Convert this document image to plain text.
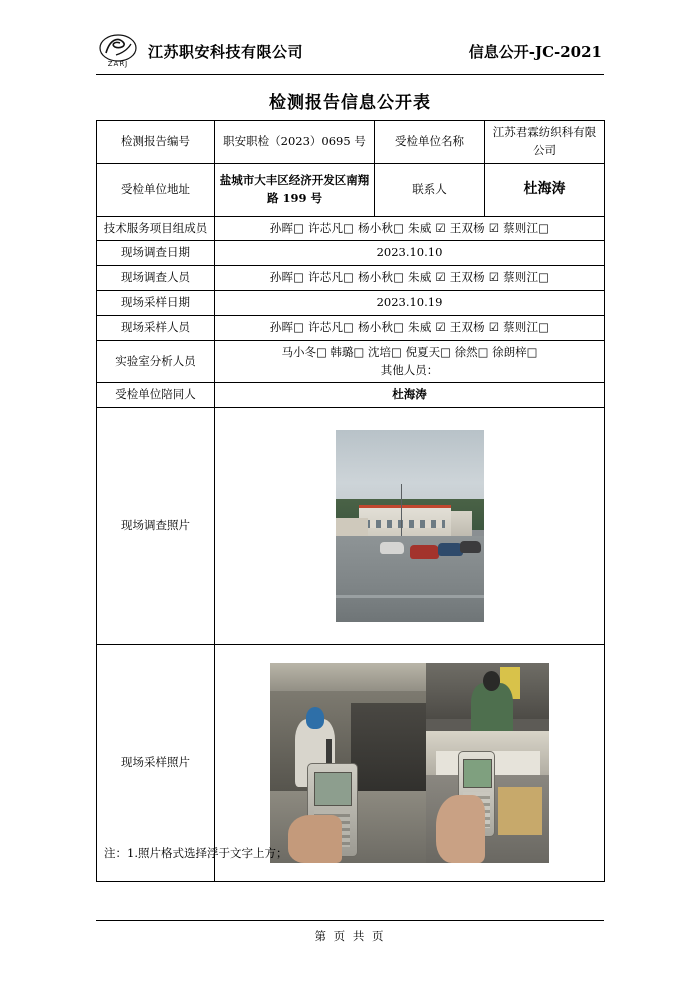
ZARJ
江苏职安科技有限公司	信息公开-JC-2021
检测报告信息公开表
检测报告编号	职安职检（2023）0695 号	受检单位名称	江苏君霖纺织科有限公司
受检单位地址	盐城市大丰区经济开发区南翔路 199 号	联系人	杜海涛
技术服务项目组成员	孙晖□ 许芯凡□ 杨小秋□ 朱威 ☑ 王双杨 ☑ 蔡则江□		
现场调查日期	2023.10.10		
现场调查人员	孙晖□ 许芯凡□ 杨小秋□ 朱威 ☑ 王双杨 ☑ 蔡则江□		
现场采样日期	2023.10.19		
现场采样人员	孙晖□ 许芯凡□ 杨小秋□ 朱威 ☑ 王双杨 ☑ 蔡则江□		
实验室分析人员	马小冬□ 韩璐□ 沈培□ 倪夏天□ 徐然□ 徐朗梓□
其他人员：		

受检单位陪同人	杜海涛		
现场调查照片			

现场采样照片			
注：1.照片格式选择浮于文字上方；
第 页 共 页
